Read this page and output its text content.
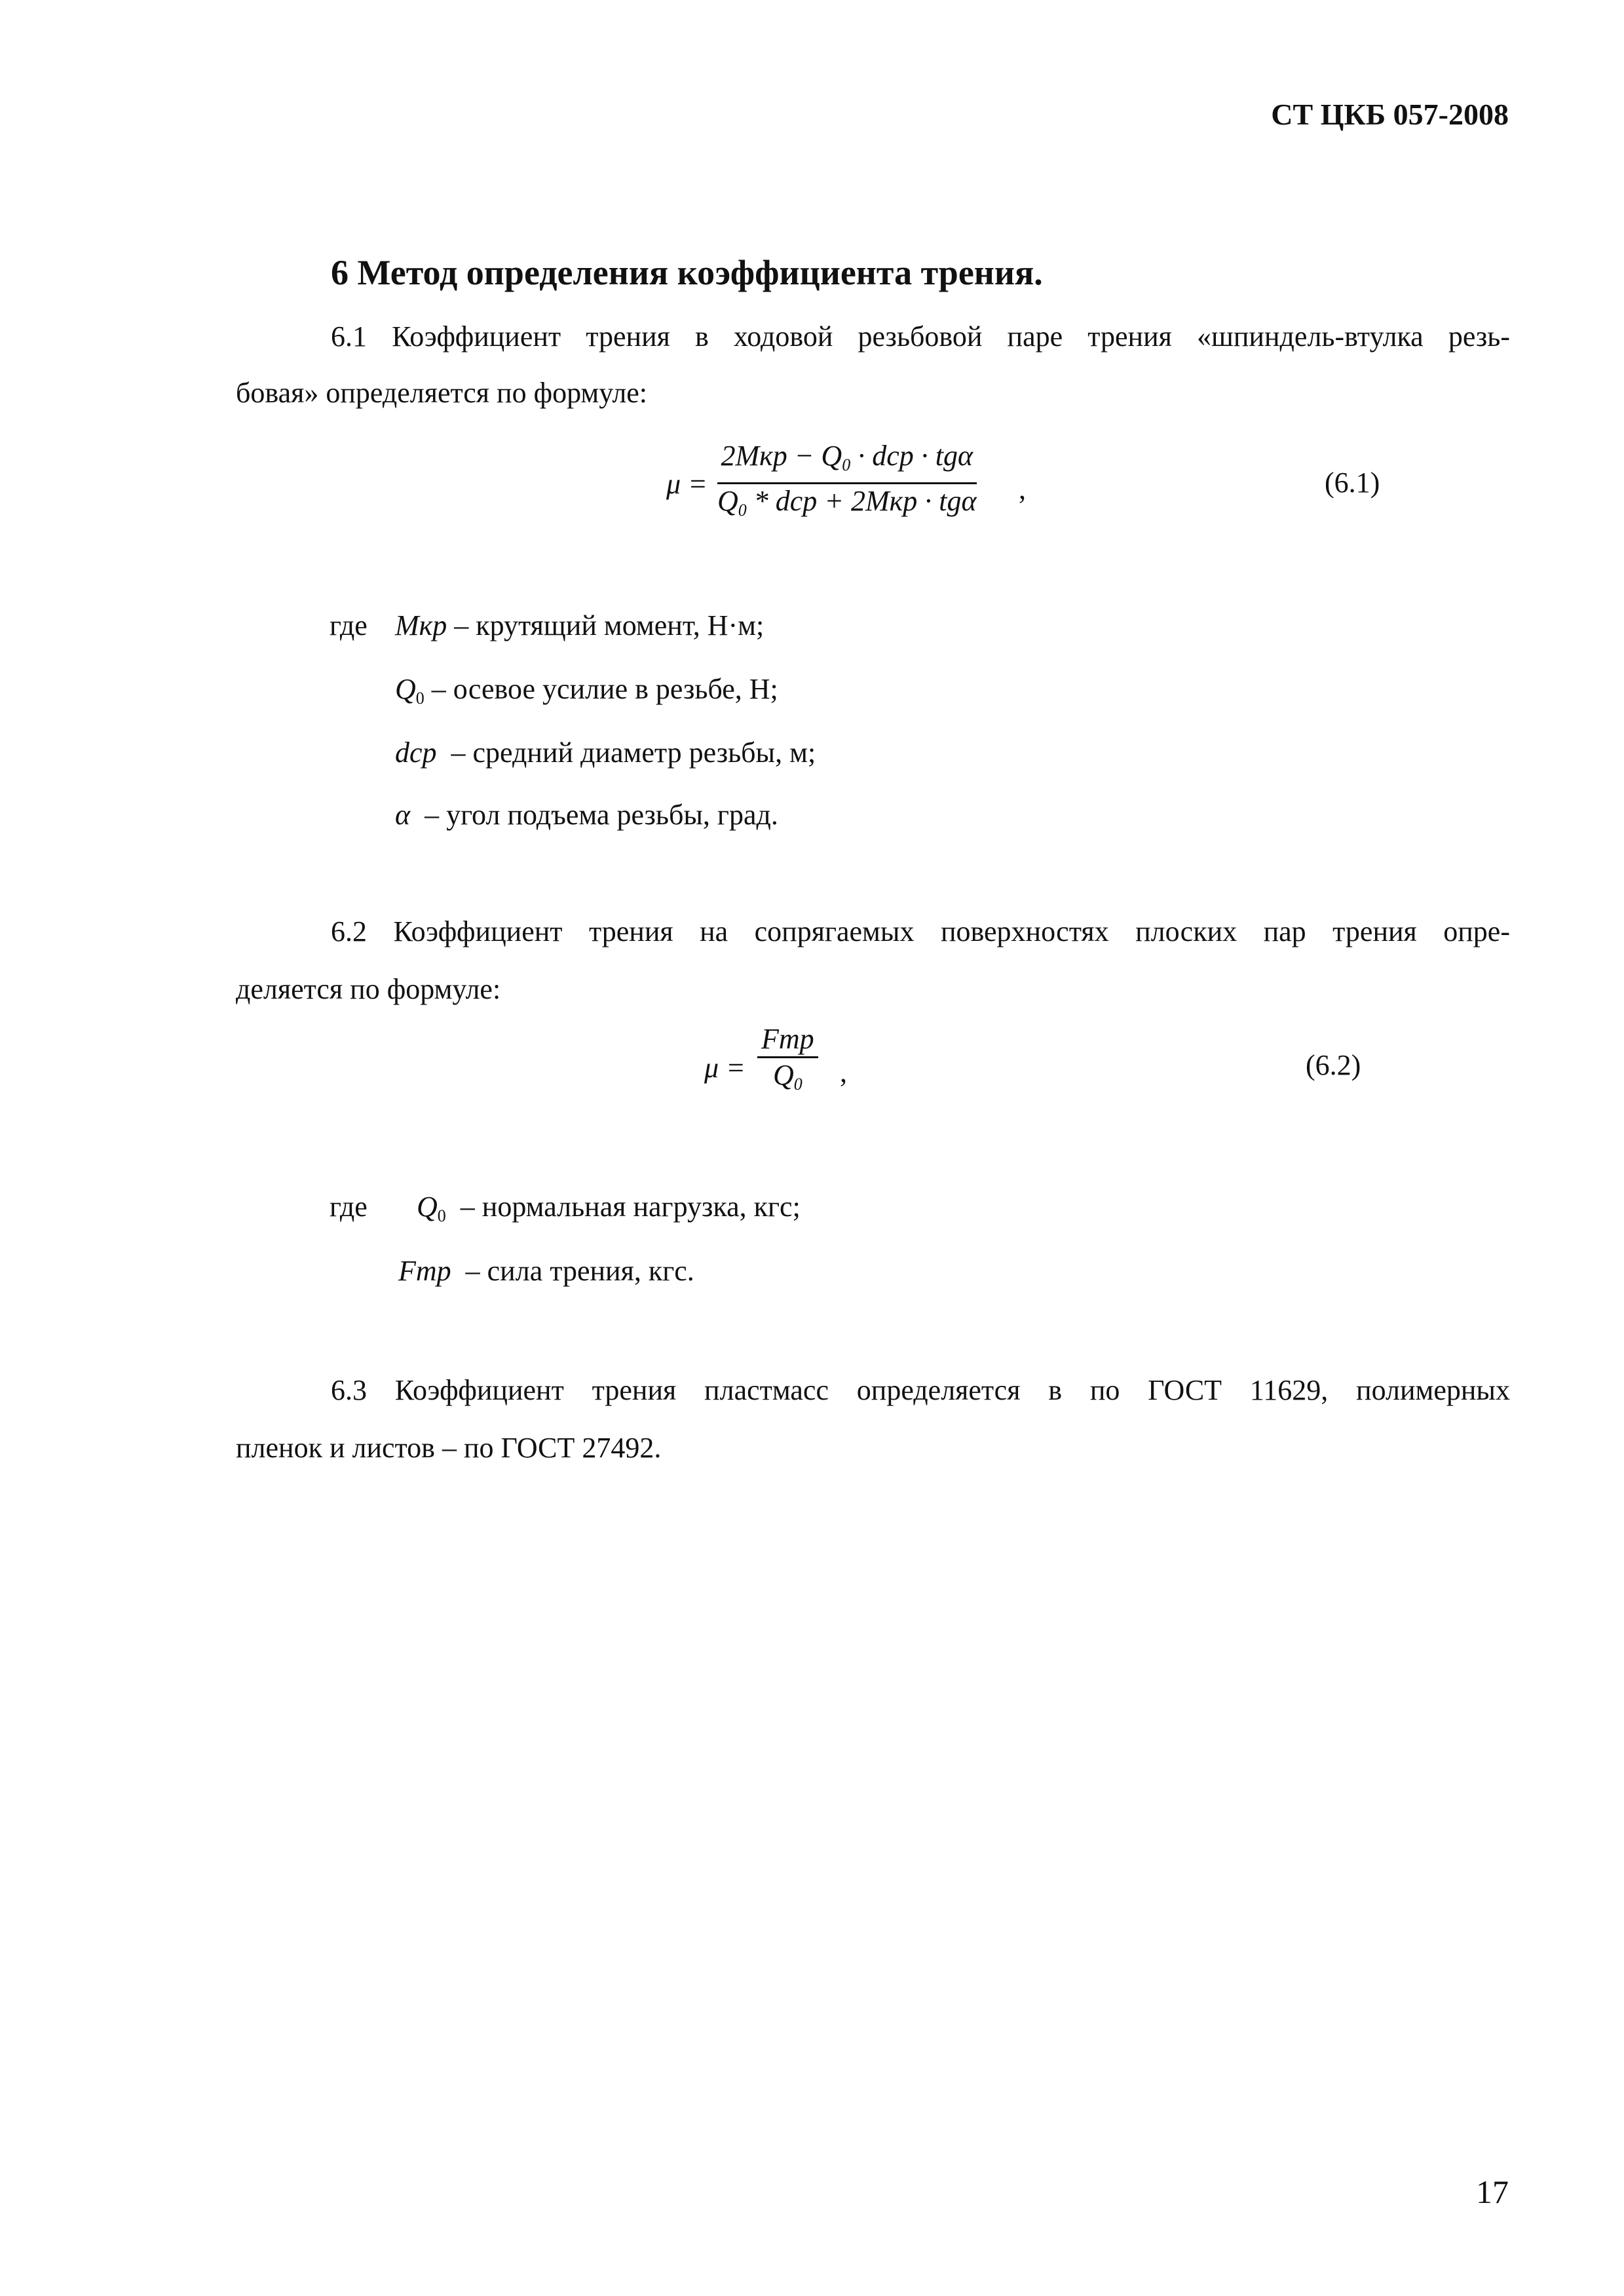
СТ ЦКБ 057-2008
6 Метод определения коэффициента трения.
6.1 Коэффициент трения в ходовой резьбовой паре трения «шпиндель-втулка резь-
бовая» определяется по формуле:
μ =
$2Мкр - Q_0$ · dcp · tgα
$Q_0$ * dcp + 2Мкр · tgα ,	(6.1)
где Мкр – крутящий момент, Н·м;
$Q_0$ – осевое усилие в резьбе, Н;
dcp – средний диаметр резьбы, м;
α – угол подъема резьбы, град.
6.2 Коэффициент трения на сопрягаемых поверхностях плоских пар трения опре-
деляется по формуле:
μ =
Fmp
$Q_0$ ,	(6.2)
где $Q_0$ – нормальная нагрузка, кгс;
Fmp – сила трения, кгс.
6.3 Коэффициент трения пластмасс определяется в по ГОСТ 11629, полимерных
пленок и листов – по ГОСТ 27492.
17
